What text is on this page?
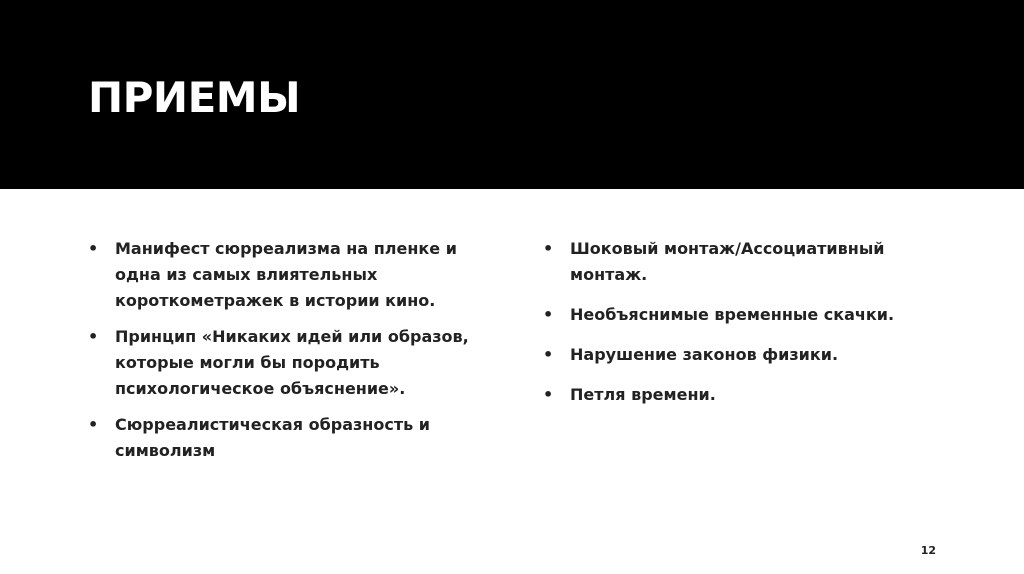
ПРИЕМЫ
• Манифест сюрреализма на пленке и одна из самых влиятельных короткометражек в истории кино.
• Принцип «Никаких идей или образов, которые могли бы породить психологическое объяснение».
• Сюрреалистическая образность и символизм
• Шоковый монтаж/Ассоциативный монтаж.
• Необъяснимые временные скачки.
• Нарушение законов физики.
• Петля времени.
12
